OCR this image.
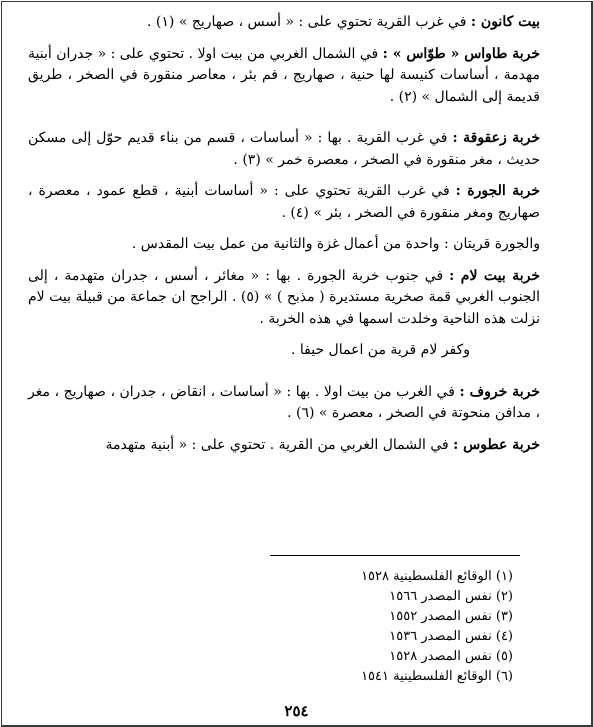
بيت كانون : في غرب القرية تحتوي على : « أسس ، صهاريج » (١) .

خربة طاواس « طوّاس » : في الشمال الغربي من بيت اولا . تحتوي على : « جدران أبنية مهدمة ، أساسات كنيسة لها حنية ، صهاريج ، فم بئر ، معاصر منقورة في الصخر ، طريق قديمة إلى الشمال » (٢) .

خربة زعقوقة : في غرب القرية . بها : « أساسات ، قسم من بناء قديم حوّل إلى مسكن حديث ، مغر منقورة في الصخر ، معصرة خمر » (٣) .

خربة الجورة : في غرب القرية تحتوي على : « أساسات أبنية ، قطع عمود ، معصرة ، صهاريج ومغر منقورة في الصخر ، بئر » (٤) .

والجورة قريتان : واحدة من أعمال غزة والثانية من عمل بيت المقدس .

خربة بيت لام : في جنوب خربة الجورة . بها : « مغائر ، أسس ، جدران متهدمة ، إلى الجنوب الغربي قمة صخرية مستديرة ( مذبح ) » (٥) . الراجح ان جماعة من قبيلة بيت لام نزلت هذه الناحية وخلدت اسمها في هذه الخربة .

وكفر لام قرية من اعمال حيفا .

خربة خروف : في الغرب من بيت اولا . بها : « أساسات ، انقاض ، جدران ، صهاريج ، مغر ، مدافن منحوتة في الصخر ، معصرة » (٦) .

خربة عطوس : في الشمال الغربي من القرية . تحتوي على : « أبنية متهدمة

(١) الوقائع الفلسطينية ١٥٢٨
(٢) نفس المصدر ١٥٦٦
(٣) نفس المصدر ١٥٥٢
(٤) نفس المصدر ١٥٣٦
(٥) نفس المصدر ١٥٢٨
(٦) الوقائع الفلسطينية ١٥٤١
٢٥٤
